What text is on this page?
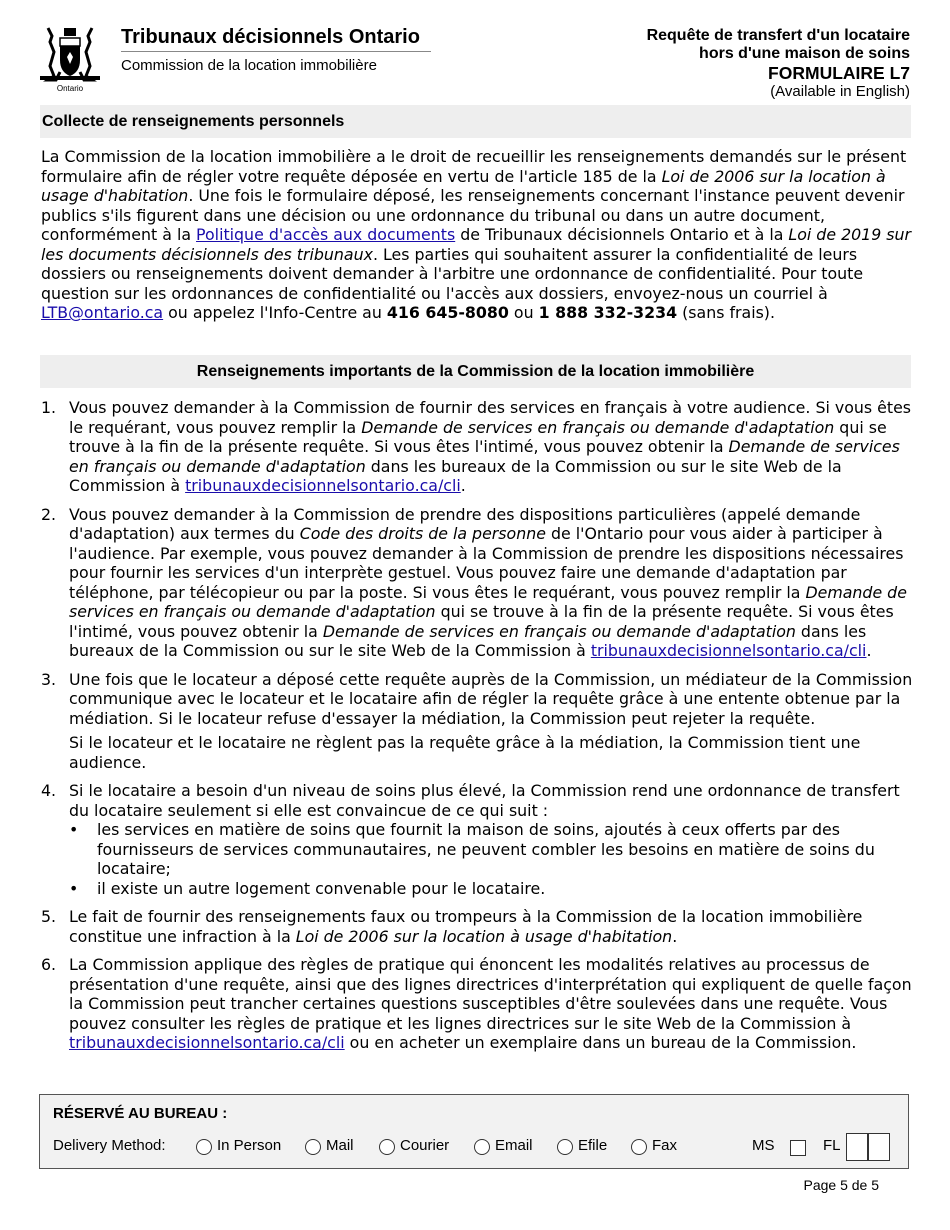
Ontario
Tribunaux décisionnels Ontario
Commission de la location immobilière
Requête de transfert d'un locataire
hors d'une maison de soins
FORMULAIRE L7
(Available in English)
Collecte de renseignements personnels
La Commission de la location immobilière a le droit de recueillir les renseignements demandés sur le présent formulaire afin de régler votre requête déposée en vertu de l'article 185 de la Loi de 2006 sur la location à usage d'habitation. Une fois le formulaire déposé, les renseignements concernant l'instance peuvent devenir publics s'ils figurent dans une décision ou une ordonnance du tribunal ou dans un autre document, conformément à la Politique d'accès aux documents de Tribunaux décisionnels Ontario et à la Loi de 2019 sur les documents décisionnels des tribunaux. Les parties qui souhaitent assurer la confidentialité de leurs dossiers ou renseignements doivent demander à l'arbitre une ordonnance de confidentialité. Pour toute question sur les ordonnances de confidentialité ou l'accès aux dossiers, envoyez-nous un courriel à LTB@ontario.ca ou appelez l'Info-Centre au 416 645-8080 ou 1 888 332-3234 (sans frais).
Renseignements importants de la Commission de la location immobilière
1. Vous pouvez demander à la Commission de fournir des services en français à votre audience. Si vous êtes le requérant, vous pouvez remplir la Demande de services en français ou demande d'adaptation qui se trouve à la fin de la présente requête. Si vous êtes l'intimé, vous pouvez obtenir la Demande de services en français ou demande d'adaptation dans les bureaux de la Commission ou sur le site Web de la Commission à tribunauxdecisionnelsontario.ca/cli.

2. Vous pouvez demander à la Commission de prendre des dispositions particulières (appelé demande d'adaptation) aux termes du Code des droits de la personne de l'Ontario pour vous aider à participer à l'audience. Par exemple, vous pouvez demander à la Commission de prendre les dispositions nécessaires pour fournir les services d'un interprète gestuel. Vous pouvez faire une demande d'adaptation par téléphone, par télécopieur ou par la poste. Si vous êtes le requérant, vous pouvez remplir la Demande de services en français ou demande d'adaptation qui se trouve à la fin de la présente requête. Si vous êtes l'intimé, vous pouvez obtenir la Demande de services en français ou demande d'adaptation dans les bureaux de la Commission ou sur le site Web de la Commission à tribunauxdecisionnelsontario.ca/cli.

3. Une fois que le locateur a déposé cette requête auprès de la Commission, un médiateur de la Commission communique avec le locateur et le locataire afin de régler la requête grâce à une entente obtenue par la médiation. Si le locateur refuse d'essayer la médiation, la Commission peut rejeter la requête.

Si le locateur et le locataire ne règlent pas la requête grâce à la médiation, la Commission tient une audience.

4. Si le locataire a besoin d'un niveau de soins plus élevé, la Commission rend une ordonnance de transfert du locataire seulement si elle est convaincue de ce qui suit :

• les services en matière de soins que fournit la maison de soins, ajoutés à ceux offerts par des fournisseurs de services communautaires, ne peuvent combler les besoins en matière de soins du locataire;
• il existe un autre logement convenable pour le locataire.
5. Le fait de fournir des renseignements faux ou trompeurs à la Commission de la location immobilière constitue une infraction à la Loi de 2006 sur la location à usage d'habitation.

6. La Commission applique des règles de pratique qui énoncent les modalités relatives au processus de présentation d'une requête, ainsi que des lignes directrices d'interprétation qui expliquent de quelle façon la Commission peut trancher certaines questions susceptibles d'être soulevées dans une requête. Vous pouvez consulter les règles de pratique et les lignes directrices sur le site Web de la Commission à tribunauxdecisionnelsontario.ca/cli ou en acheter un exemplaire dans un bureau de la Commission.

RÉSERVÉ AU BUREAU :
Delivery Method:	In Person	Mail	Courier	Email	Efile	Fax	MS	FL
Page 5 de 5
